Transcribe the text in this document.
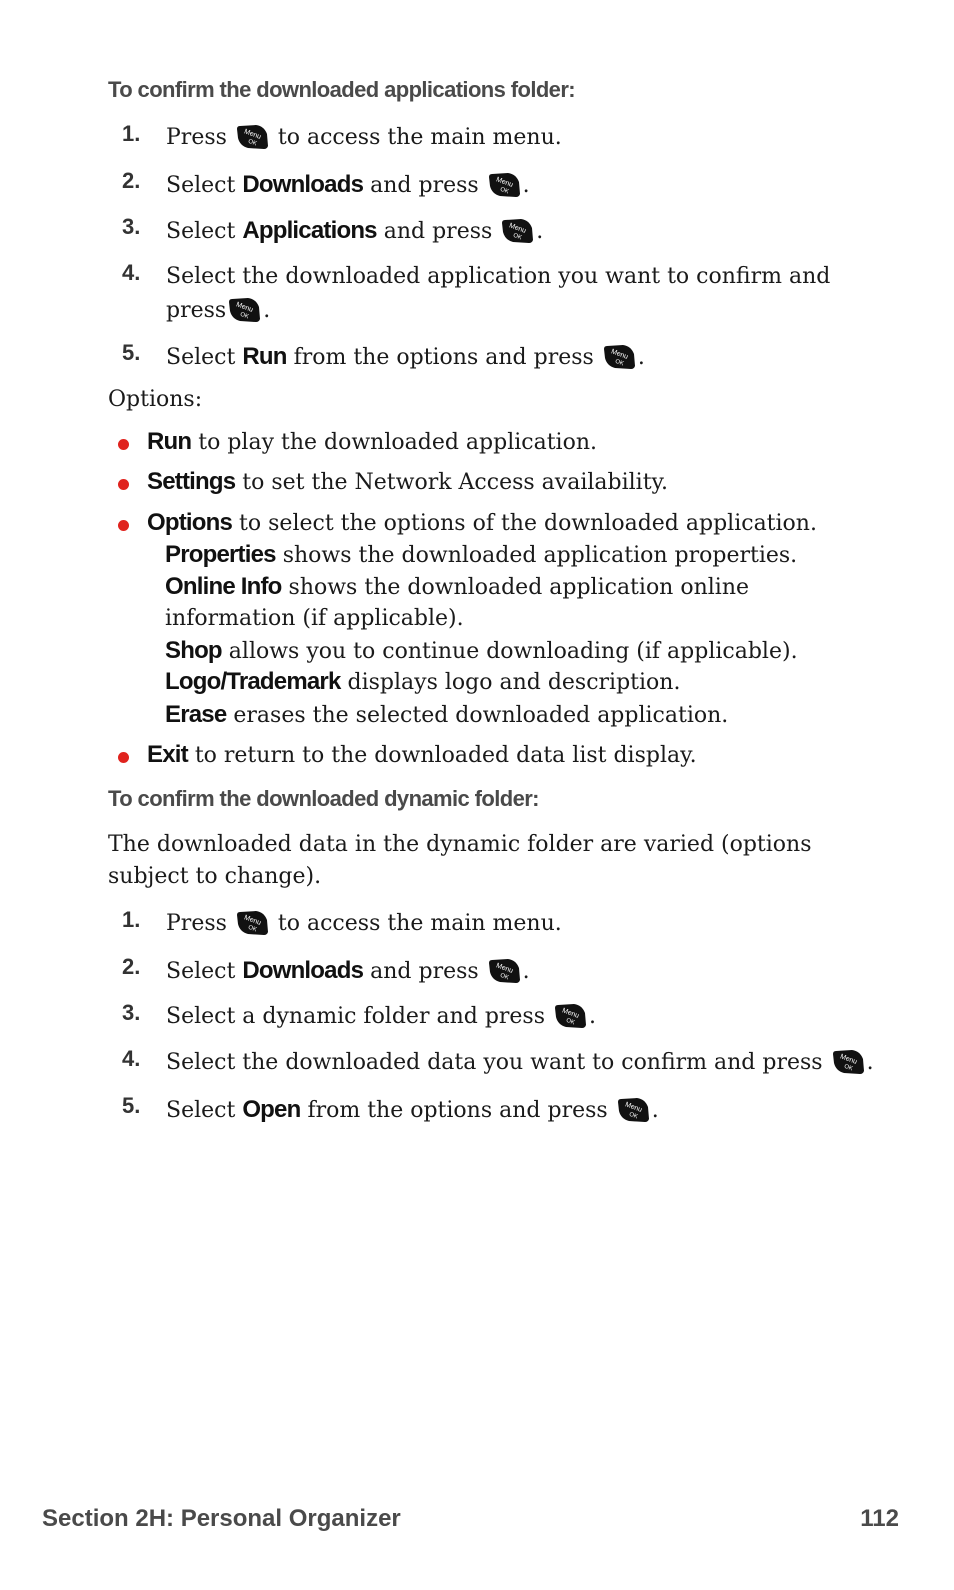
To confirm the downloaded applications folder:
1.	Press  to access the main menu.
2.	Select Downloads and press .
3.	Select Applications and press .
4.	Select the downloaded application you want to confirm and
press .
5.	Select Run from the options and press .
Options:
Run to play the downloaded application.
Settings to set the Network Access availability.
Options to select the options of the downloaded application.
Properties shows the downloaded application properties.
Online Info shows the downloaded application online
information (if applicable).
Shop allows you to continue downloading (if applicable).
Logo/Trademark displays logo and description.
Erase erases the selected downloaded application.
Exit to return to the downloaded data list display.
To confirm the downloaded dynamic folder:
The downloaded data in the dynamic folder are varied (options
subject to change).
1.	Press  to access the main menu.
2.	Select Downloads and press .
3.	Select a dynamic folder and press .
4.	Select the downloaded data you want to confirm and press .
5.	Select Open from the options and press .
Section 2H: Personal Organizer	112
